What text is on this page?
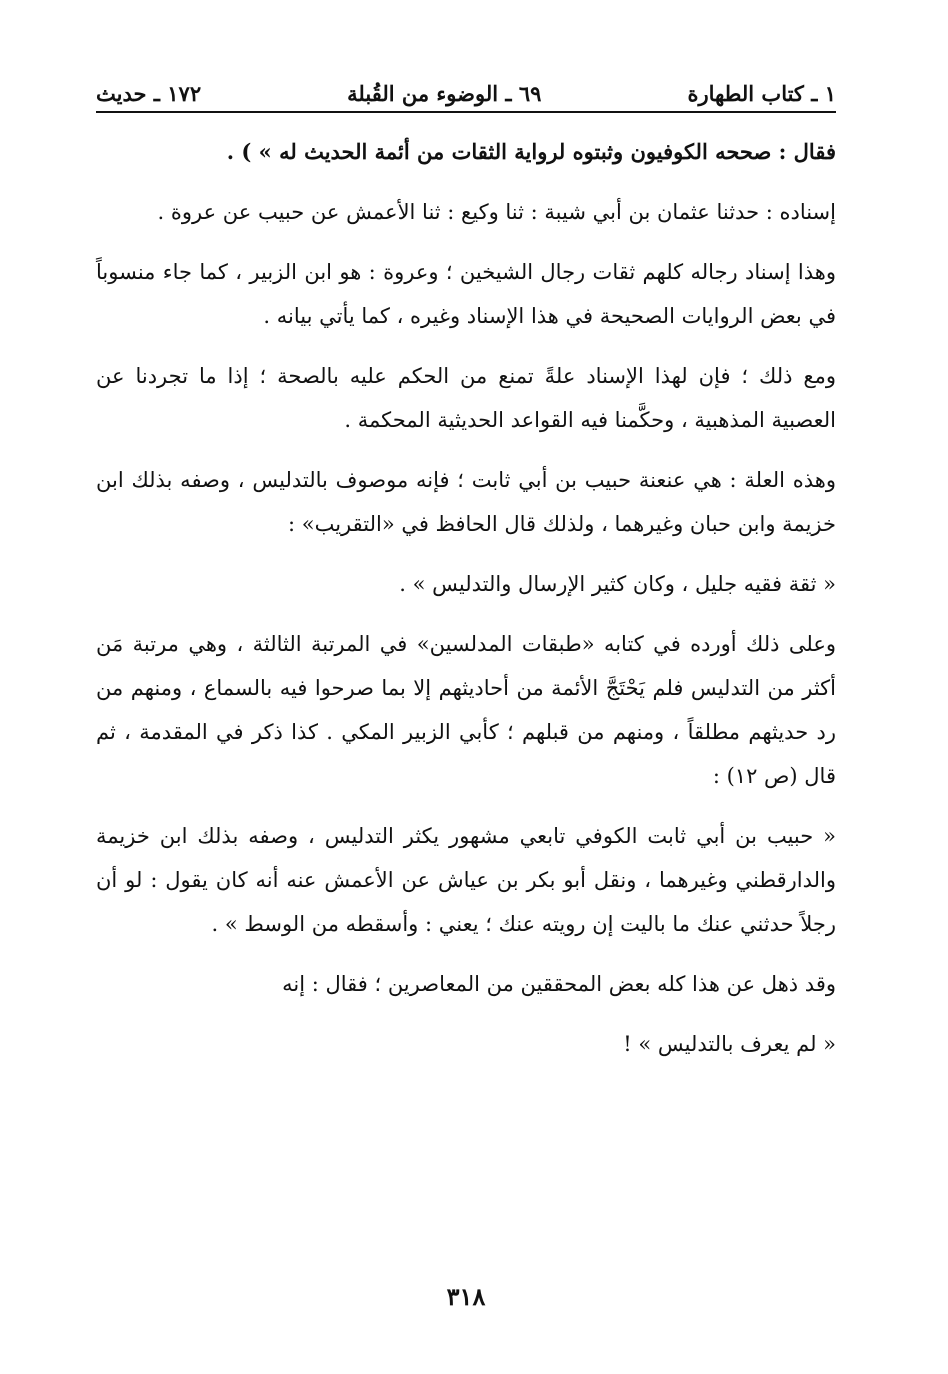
١ ـ كتاب الطهارة
٦٩ ـ الوضوء من القُبلة
١٧٢ ـ حديث

فقال : صححه الكوفيون وثبتوه لرواية الثقات من أئمة الحديث له » ) .

إسناده : حدثنا عثمان بن أبي شيبة : ثنا وكيع : ثنا الأعمش عن حبيب عن عروة .

وهذا إسناد رجاله كلهم ثقات رجال الشيخين ؛ وعروة : هو ابن الزبير ، كما جاء منسوباً في بعض الروايات الصحيحة في هذا الإسناد وغيره ، كما يأتي بيانه .

ومع ذلك ؛ فإن لهذا الإسناد علةً تمنع من الحكم عليه بالصحة ؛ إذا ما تجردنا عن العصبية المذهبية ، وحكَّمنا فيه القواعد الحديثية المحكمة .

وهذه العلة : هي عنعنة حبيب بن أبي ثابت ؛ فإنه موصوف بالتدليس ، وصفه بذلك ابن خزيمة وابن حبان وغيرهما ، ولذلك قال الحافظ في «التقريب» :

« ثقة فقيه جليل ، وكان كثير الإرسال والتدليس » .

وعلى ذلك أورده في كتابه «طبقات المدلسين» في المرتبة الثالثة ، وهي مرتبة مَن أكثر من التدليس فلم يَحْتَجَّ الأئمة من أحاديثهم إلا بما صرحوا فيه بالسماع ، ومنهم من رد حديثهم مطلقاً ، ومنهم من قبلهم ؛ كأبي الزبير المكي . كذا ذكر في المقدمة ، ثم قال (ص ١٢) :

« حبيب بن أبي ثابت الكوفي تابعي مشهور يكثر التدليس ، وصفه بذلك ابن خزيمة والدارقطني وغيرهما ، ونقل أبو بكر بن عياش عن الأعمش عنه أنه كان يقول : لو أن رجلاً حدثني عنك ما باليت إن رويته عنك ؛ يعني : وأسقطه من الوسط » .

وقد ذهل عن هذا كله بعض المحققين من المعاصرين ؛ فقال : إنه

« لم يعرف بالتدليس » !

٣١٨
